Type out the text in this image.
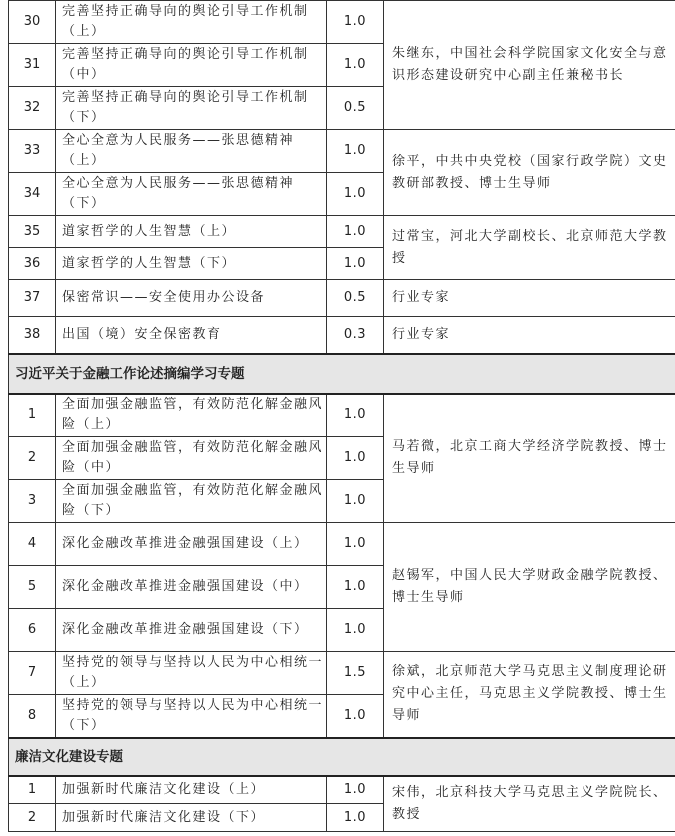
30	完善坚持正确导向的舆论引导工作机制（上）	1.0	朱继东，中国社会科学院国家文化安全与意识形态建设研究中心副主任兼秘书长
31	完善坚持正确导向的舆论引导工作机制（中）	1.0	
32	完善坚持正确导向的舆论引导工作机制（下）	0.5	
33	全心全意为人民服务——张思德精神（上）	1.0	徐平，中共中央党校（国家行政学院）文史教研部教授、博士生导师
34	全心全意为人民服务——张思德精神（下）	1.0	
35	道家哲学的人生智慧（上）	1.0	过常宝，河北大学副校长、北京师范大学教授
36	道家哲学的人生智慧（下）	1.0	
37	保密常识——安全使用办公设备	0.5	行业专家
38	出国（境）安全保密教育	0.3	行业专家
习近平关于金融工作论述摘编学习专题			
1	全面加强金融监管，有效防范化解金融风险（上）	1.0	马若微，北京工商大学经济学院教授、博士生导师
2	全面加强金融监管，有效防范化解金融风险（中）	1.0	
3	全面加强金融监管，有效防范化解金融风险（下）	1.0	
4	深化金融改革推进金融强国建设（上）	1.0	赵锡军，中国人民大学财政金融学院教授、博士生导师
5	深化金融改革推进金融强国建设（中）	1.0	
6	深化金融改革推进金融强国建设（下）	1.0	
7	坚持党的领导与坚持以人民为中心相统一（上）	1.5	徐斌，北京师范大学马克思主义制度理论研究中心主任，马克思主义学院教授、博士生导师
8	坚持党的领导与坚持以人民为中心相统一（下）	1.0	
廉洁文化建设专题			
1	加强新时代廉洁文化建设（上）	1.0	宋伟，北京科技大学马克思主义学院院长、教授
2	加强新时代廉洁文化建设（下）	1.0	
